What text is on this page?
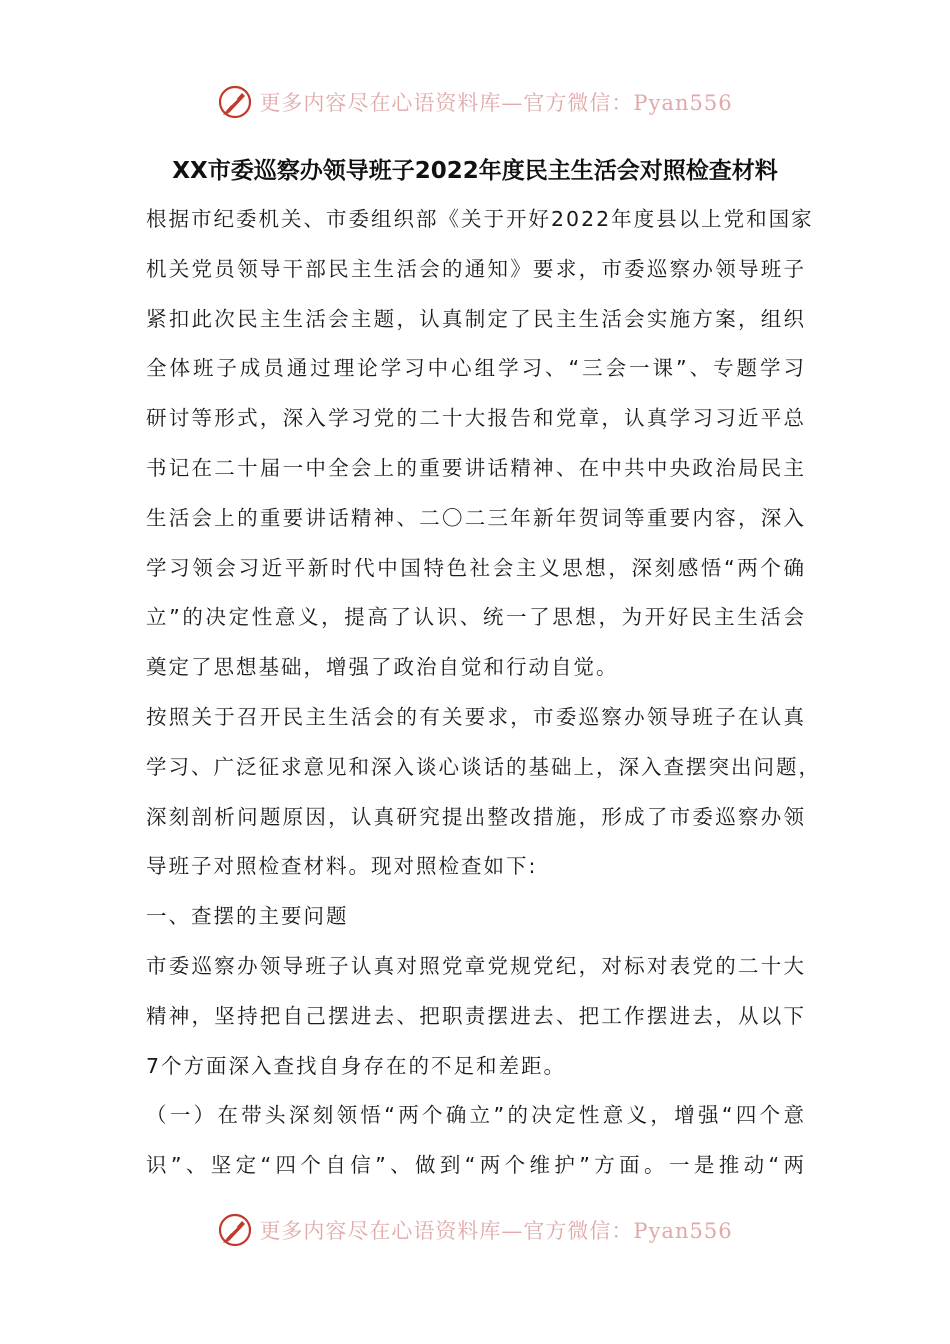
更多内容尽在心语资料库—官方微信：Pyan556
XX市委巡察办领导班子2022年度民主生活会对照检查材料
根据市纪委机关、市委组织部《关于开好2022年度县以上党和国家
机关党员领导干部民主生活会的通知》要求，市委巡察办领导班子
紧扣此次民主生活会主题，认真制定了民主生活会实施方案，组织
全体班子成员通过理论学习中心组学习、“三会一课”、专题学习
研讨等形式，深入学习党的二十大报告和党章，认真学习习近平总
书记在二十届一中全会上的重要讲话精神、在中共中央政治局民主
生活会上的重要讲话精神、二〇二三年新年贺词等重要内容，深入
学习领会习近平新时代中国特色社会主义思想，深刻感悟“两个确
立”的决定性意义，提高了认识、统一了思想，为开好民主生活会
奠定了思想基础，增强了政治自觉和行动自觉。
按照关于召开民主生活会的有关要求，市委巡察办领导班子在认真
学习、广泛征求意见和深入谈心谈话的基础上，深入查摆突出问题，
深刻剖析问题原因，认真研究提出整改措施，形成了市委巡察办领
导班子对照检查材料。现对照检查如下:
一、查摆的主要问题
市委巡察办领导班子认真对照党章党规党纪，对标对表党的二十大
精神，坚持把自己摆进去、把职责摆进去、把工作摆进去，从以下
7个方面深入查找自身存在的不足和差距。
（一）在带头深刻领悟“两个确立”的决定性意义，增强“四个意
识”、坚定“四个自信”、做到“两个维护”方面。一是推动“两
更多内容尽在心语资料库—官方微信：Pyan556
